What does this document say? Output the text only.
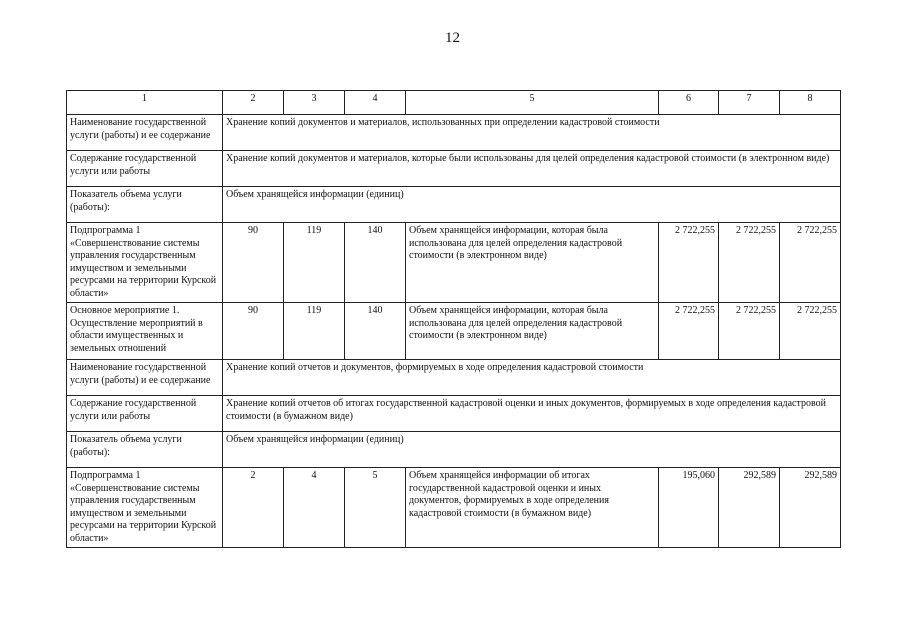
12
1	2	3	4	5	6	7	8
Наименование государственной услуги (работы) и ее содержание	Хранение копий документов и материалов, использованных при определении кадастровой стоимости						
Содержание государственной услуги или работы	Хранение копий документов и материалов, которые были использованы для целей определения кадастровой стоимости (в электронном виде)						
Показатель объема услуги (работы):	Объем хранящейся информации (единиц)						
Подпрограмма 1 «Совершенствование системы управления государственным имуществом и земельными ресурсами на территории Курской области»	90	119	140	Объем хранящейся информации, которая была использована для целей определения кадастровой стоимости (в электронном виде)	2 722,255	2 722,255	2 722,255
Основное мероприятие 1. Осуществление мероприятий в области имущественных и земельных отношений	90	119	140	Объем хранящейся информации, которая была использована для целей определения кадастровой стоимости (в электронном виде)	2 722,255	2 722,255	2 722,255
Наименование государственной услуги (работы) и ее содержание	Хранение копий отчетов и документов, формируемых в ходе определения кадастровой стоимости						
Содержание государственной услуги или работы	Хранение копий отчетов об итогах государственной кадастровой оценки и иных документов, формируемых в ходе определения кадастровой стоимости (в бумажном виде)						
Показатель объема услуги (работы):	Объем хранящейся информации (единиц)						
Подпрограмма 1 «Совершенствование системы управления государственным имуществом и земельными ресурсами на территории Курской области»	2	4	5	Объем хранящейся информации об итогах государственной кадастровой оценки и иных документов, формируемых в ходе определения кадастровой стоимости (в бумажном виде)	195,060	292,589	292,589
